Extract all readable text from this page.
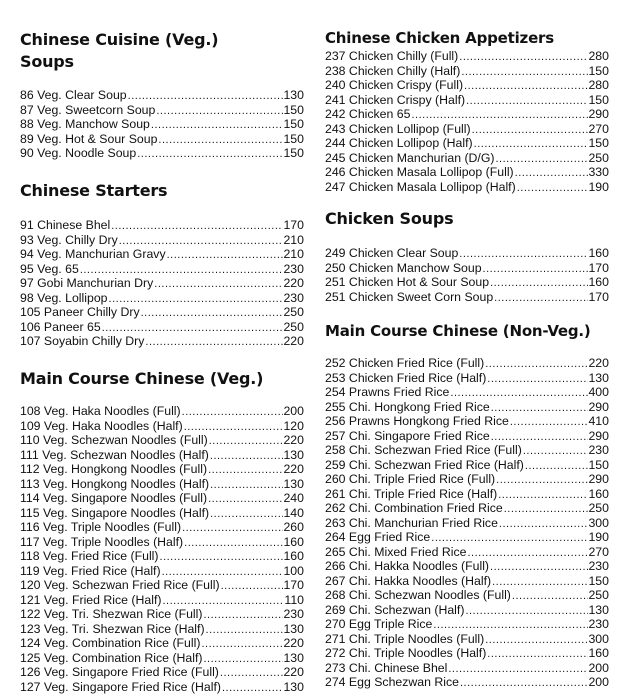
Chinese Cuisine (Veg.)
Soups
86 Veg. Clear Soup .....	130
87 Veg. Sweetcorn Soup .....	150
88 Veg. Manchow Soup .....	150
89 Veg. Hot & Sour Soup .....	150
90 Veg. Noodle Soup .....	150
Chinese Starters
91 Chinese Bhel .....	170
93 Veg. Chilly Dry .....	210
94 Veg. Manchurian Gravy .....	210
95 Veg. 65 .....	230
97 Gobi Manchurian Dry .....	220
98 Veg. Lollipop .....	230
105 Paneer Chilly Dry .....	250
106 Paneer 65 .....	250
107 Soyabin Chilly Dry .....	220
Main Course Chinese (Veg.)
108 Veg. Haka Noodles (Full) .....	200
109 Veg. Haka Noodles (Half) .....	120
110 Veg. Schezwan Noodles (Full) .....	220
111 Veg. Schezwan Noodles (Half) .....	130
112 Veg. Hongkong Noodles (Full) .....	220
113 Veg. Hongkong Noodles (Half) .....	130
114 Veg. Singapore Noodles (Full) .....	240
115 Veg. Singapore Noodles (Half) .....	140
116 Veg. Triple Noodles (Full) .....	260
117 Veg. Triple Noodles (Half) .....	160
118 Veg. Fried Rice (Full) .....	160
119 Veg. Fried Rice (Half) .....	100
120 Veg. Schezwan Fried Rice (Full) .....	170
121 Veg. Fried Rice (Half) .....	110
122 Veg. Tri. Shezwan Rice (Full) .....	230
123 Veg. Tri. Shezwan Rice (Half) .....	130
124 Veg. Combination Rice (Full) .....	220
125 Veg. Combination Rice (Half) .....	130
126 Veg. Singapore Fried Rice (Full) .....	220
127 Veg. Singapore Fried Rice (Half) .....	130
Chinese Chicken Appetizers
237 Chicken Chilly (Full) .....	280
238 Chicken Chilly (Half) .....	150
240 Chicken Crispy (Full) .....	280
241 Chicken Crispy (Half) .....	150
242 Chicken 65 .....	290
243 Chicken Lollipop (Full) .....	270
244 Chicken Lollipop (Half) .....	150
245 Chicken Manchurian (D/G) .....	250
246 Chicken Masala Lollipop (Full) .....	330
247 Chicken Masala Lollipop (Half) .....	190
Chicken Soups
249 Chicken Clear Soup .....	160
250 Chicken Manchow Soup .....	170
251 Chicken Hot & Sour Soup .....	160
251 Chicken Sweet Corn Soup .....	170
Main Course Chinese (Non-Veg.)
252 Chicken Fried Rice (Full) .....	220
253 Chicken Fried Rice (Half) .....	130
254 Prawns Fried Rice .....	400
255 Chi. Hongkong Fried Rice .....	290
256 Prawns Hongkong Fried Rice .....	410
257 Chi. Singapore Fried Rice .....	290
258 Chi. Schezwan Fried Rice (Full) .....	230
259 Chi. Schezwan Fried Rice (Half) .....	150
260 Chi. Triple Fried Rice (Full) .....	290
261 Chi. Triple Fried Rice (Half) .....	160
262 Chi. Combination Fried Rice .....	250
263 Chi. Manchurian Fried Rice .....	300
264 Egg Fried Rice .....	190
265 Chi. Mixed Fried Rice .....	270
266 Chi. Hakka Noodles (Full) .....	230
267 Chi. Hakka Noodles (Half) .....	150
268 Chi. Schezwan Noodles (Full) .....	250
269 Chi. Schezwan (Half) .....	130
270 Egg Triple Rice .....	230
271 Chi. Triple Noodles (Full) .....	300
272 Chi. Triple Noodles (Half) .....	160
273 Chi. Chinese Bhel .....	200
274 Egg Schezwan Rice .....	200
